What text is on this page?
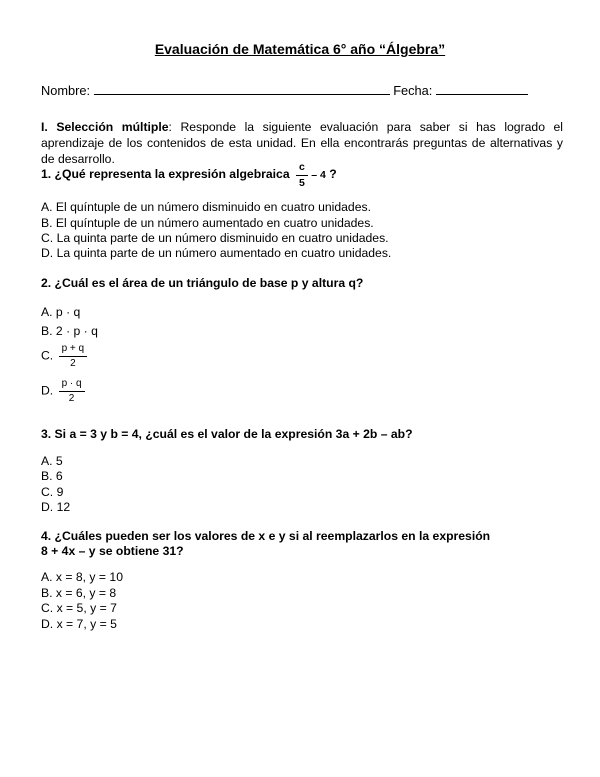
Evaluación de Matemática 6° año “Álgebra”
Nombre:	Fecha:
I. Selección múltiple: Responde la siguiente evaluación para saber si has logrado el aprendizaje de los contenidos de esta unidad. En ella encontrarás preguntas de alternativas y de desarrollo.
1. ¿Qué representa la expresión algebraica $\frac{c}{5} - 4$ ?
A. El quíntuple de un número disminuido en cuatro unidades.
B. El quíntuple de un número aumentado en cuatro unidades.
C. La quinta parte de un número disminuido en cuatro unidades.
D. La quinta parte de un número aumentado en cuatro unidades.
2. ¿Cuál es el área de un triángulo de base p y altura q?
A. p · q
B. 2 · p · q
C. $\frac{p + q}{2}$
D. $\frac{p \cdot q}{2}$
3. Si a = 3 y b = 4, ¿cuál es el valor de la expresión 3a + 2b – ab?
A. 5
B. 6
C. 9
D. 12
4. ¿Cuáles pueden ser los valores de x e y si al reemplazarlos en la expresión
8 + 4x – y se obtiene 31?
A. x = 8, y = 10
B. x = 6, y = 8
C. x = 5, y = 7
D. x = 7, y = 5
